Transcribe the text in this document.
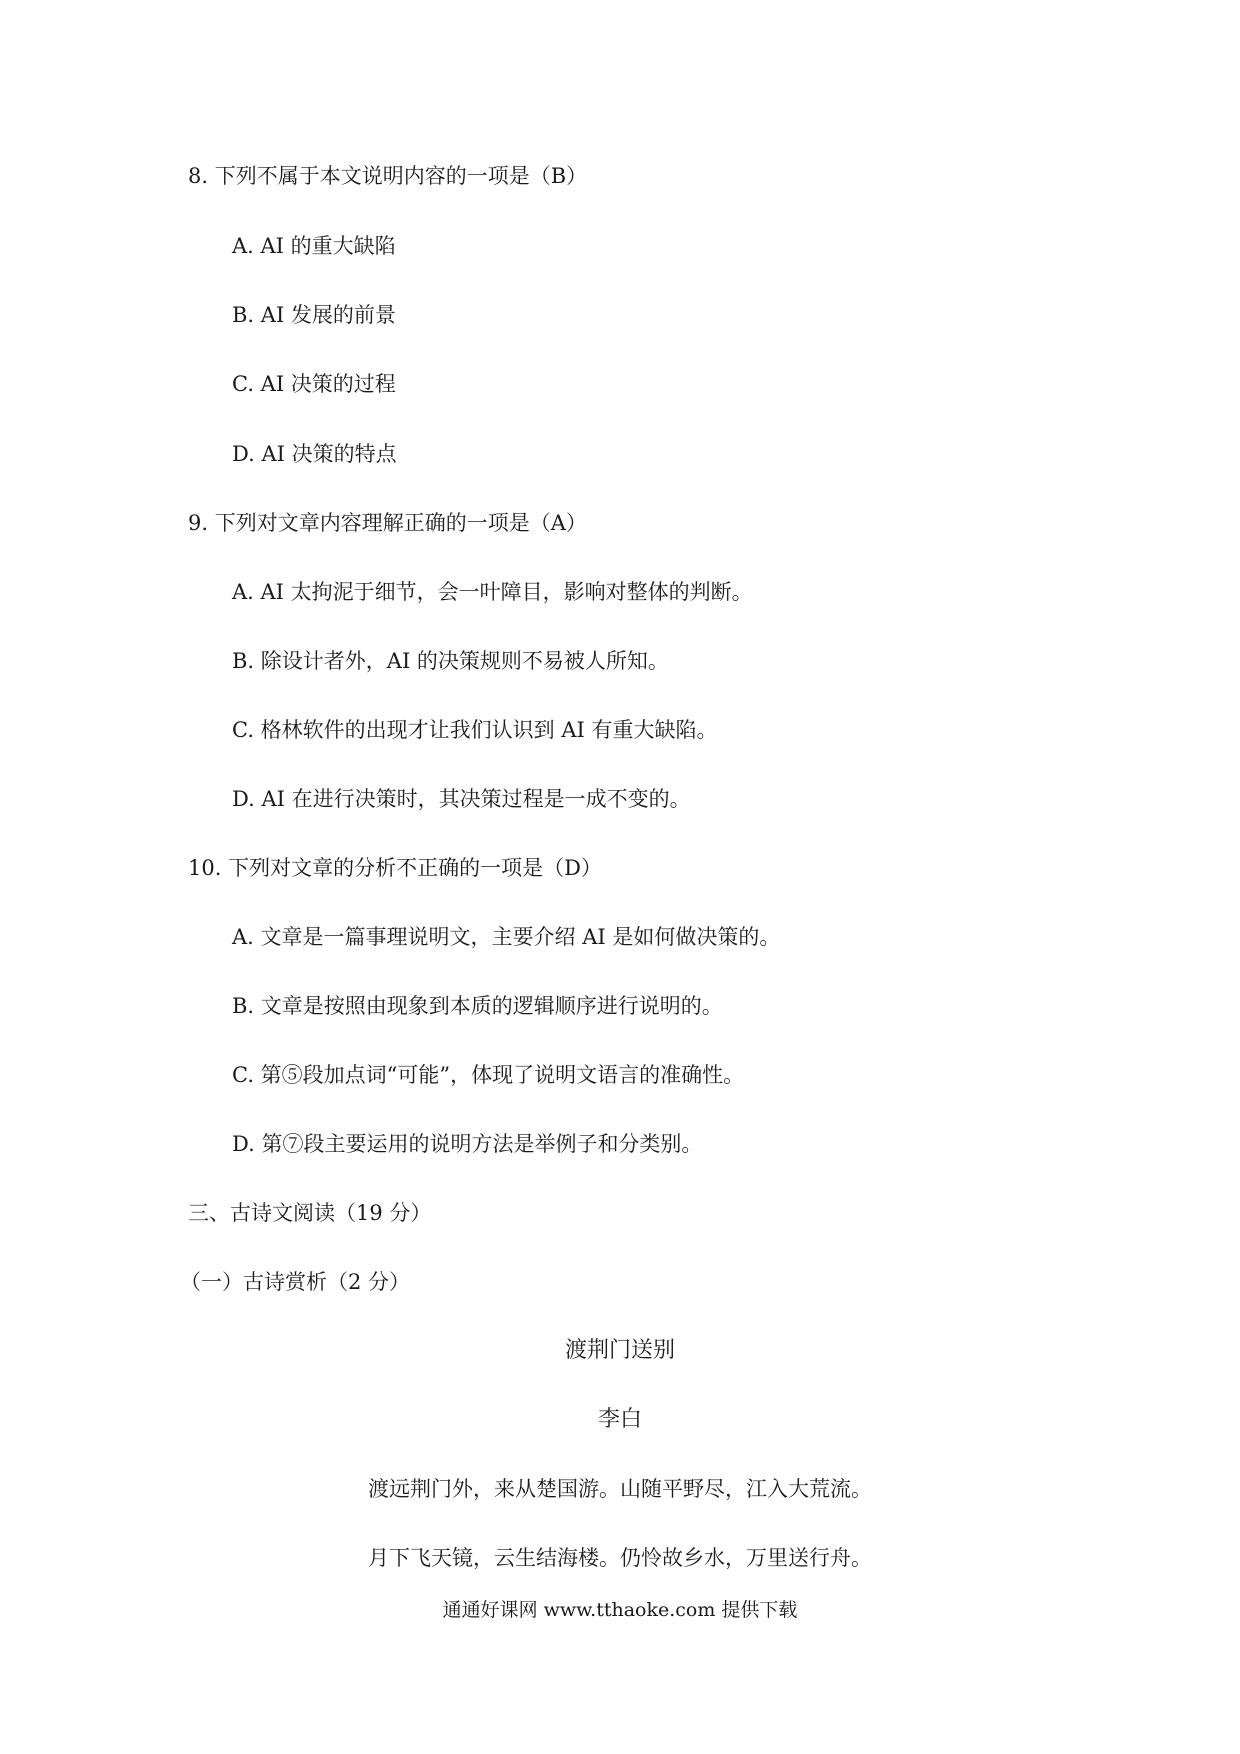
8. 下列不属于本文说明内容的一项是（B）
A. AI 的重大缺陷
B. AI 发展的前景
C. AI 决策的过程
D. AI 决策的特点
9. 下列对文章内容理解正确的一项是（A）
A. AI 太拘泥于细节，会一叶障目，影响对整体的判断。
B. 除设计者外，AI 的决策规则不易被人所知。
C. 格林软件的出现才让我们认识到 AI 有重大缺陷。
D. AI 在进行决策时，其决策过程是一成不变的。
10. 下列对文章的分析不正确的一项是（D）
A. 文章是一篇事理说明文，主要介绍 AI 是如何做决策的。
B. 文章是按照由现象到本质的逻辑顺序进行说明的。
C. 第⑤段加点词“可能”，体现了说明文语言的准确性。
D. 第⑦段主要运用的说明方法是举例子和分类别。
三、古诗文阅读（19 分）
（一）古诗赏析（2 分）
渡荆门送别
李白
渡远荆门外，来从楚国游。山随平野尽，江入大荒流。
月下飞天镜，云生结海楼。仍怜故乡水，万里送行舟。
通通好课网 www.tthaoke.com 提供下载
